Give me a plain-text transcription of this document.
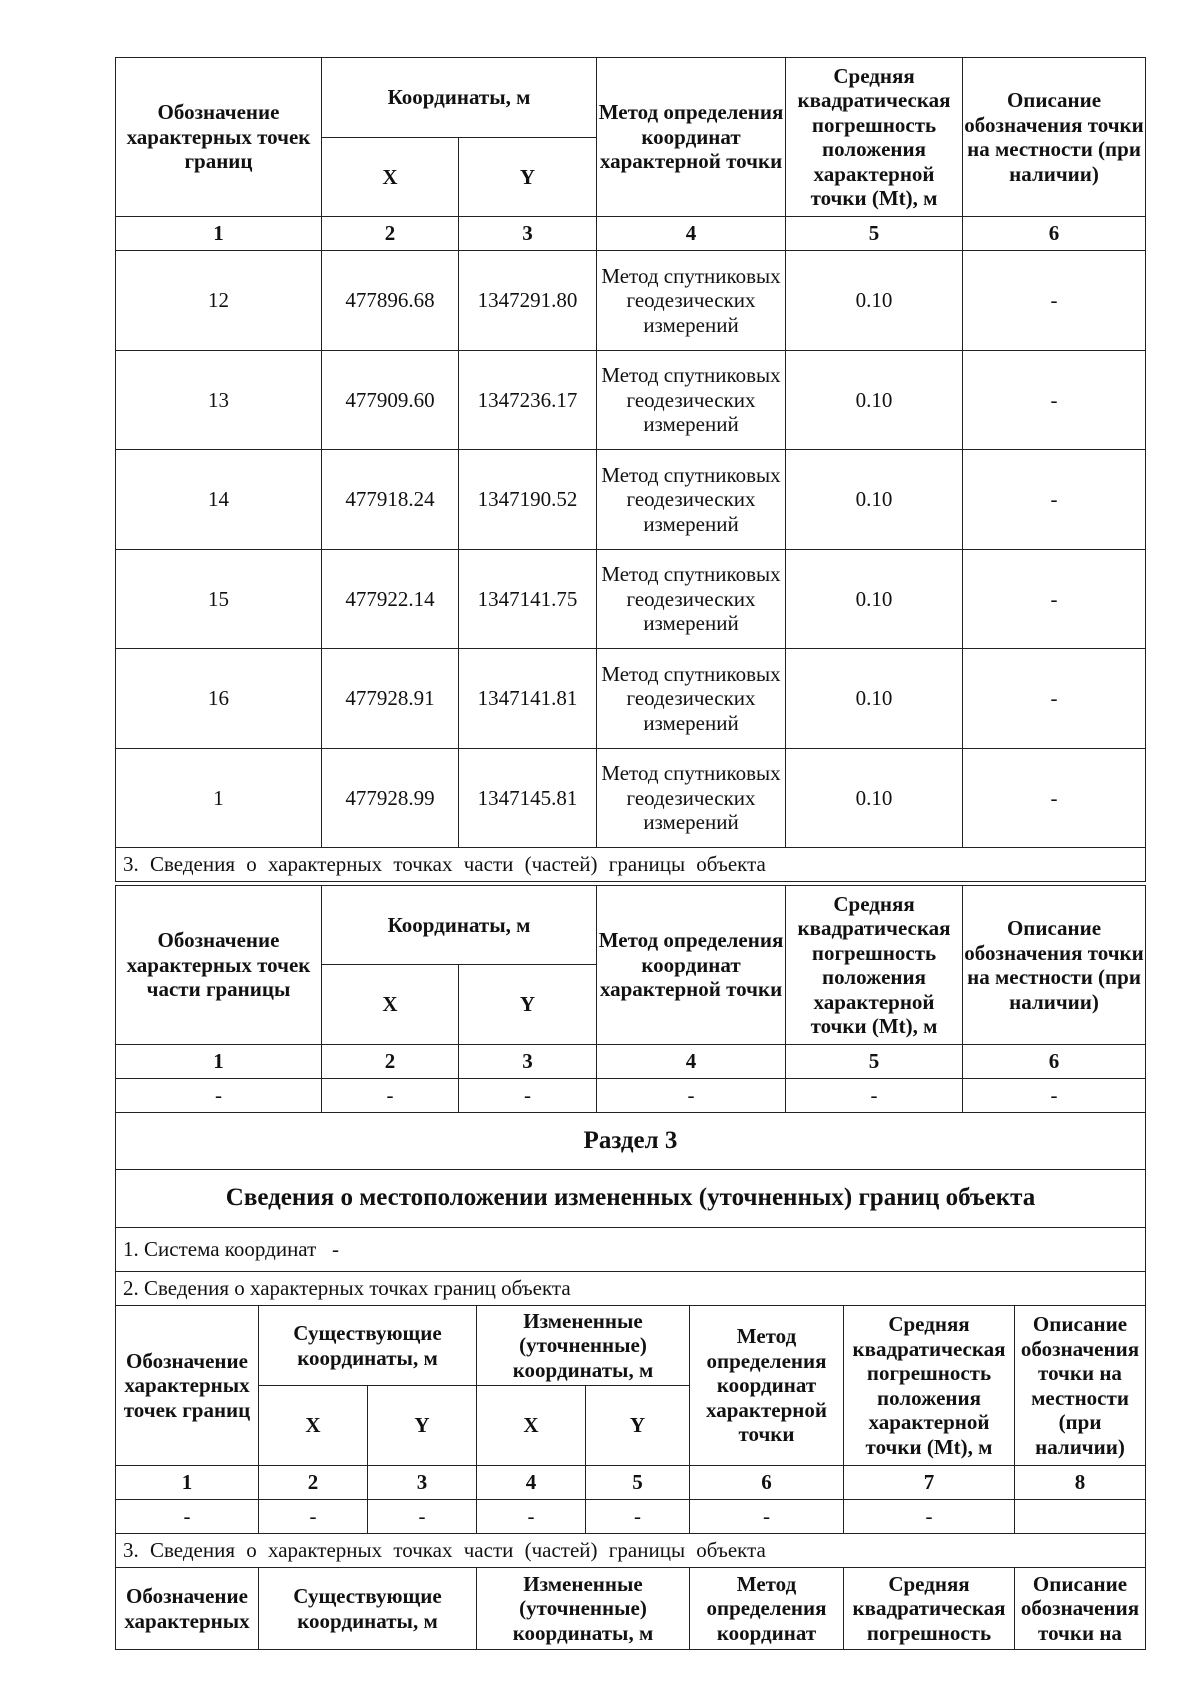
Обозначение характерных точек границ	Координаты, м		Метод определения координат характерной точки	Средняя квадратическая погрешность положения характерной точки (Mt), м	Описание обозначения точки на местности (при наличии)
	X	Y			
1	2	3	4	5	6
12	477896.68	1347291.80	Метод спутниковых геодезических измерений	0.10	-
13	477909.60	1347236.17	Метод спутниковых геодезических измерений	0.10	-
14	477918.24	1347190.52	Метод спутниковых геодезических измерений	0.10	-
15	477922.14	1347141.75	Метод спутниковых геодезических измерений	0.10	-
16	477928.91	1347141.81	Метод спутниковых геодезических измерений	0.10	-
1	477928.99	1347145.81	Метод спутниковых геодезических измерений	0.10	-
3. Сведения о характерных точках части (частей) границы объекта					
Обозначение характерных точек части границы	Координаты, м		Метод определения координат характерной точки	Средняя квадратическая погрешность положения характерной точки (Mt), м	Описание обозначения точки на местности (при наличии)
	X	Y			
1	2	3	4	5	6
-	-	-	-	-	-
Раздел 3
Сведения о местоположении измененных (уточненных) границ объекта
1. Система координат   -
2. Сведения о характерных точках границ объекта
Обозначение характерных точек границ	Существующие координаты, м		Измененные (уточненные) координаты, м		Метод определения координат характерной точки	Средняя квадратическая погрешность положения характерной точки (Mt), м	Описание обозначения точки на местности (при наличии)
	X	Y	X	Y			
1	2	3	4	5	6	7	8
-	-	-	-	-	-	-	
3. Сведения о характерных точках части (частей) границы объекта							
Обозначение характерных	Существующие координаты, м	Измененные (уточненные) координаты, м	Метод определения координат	Средняя квадратическая погрешность	Описание обозначения точки на
